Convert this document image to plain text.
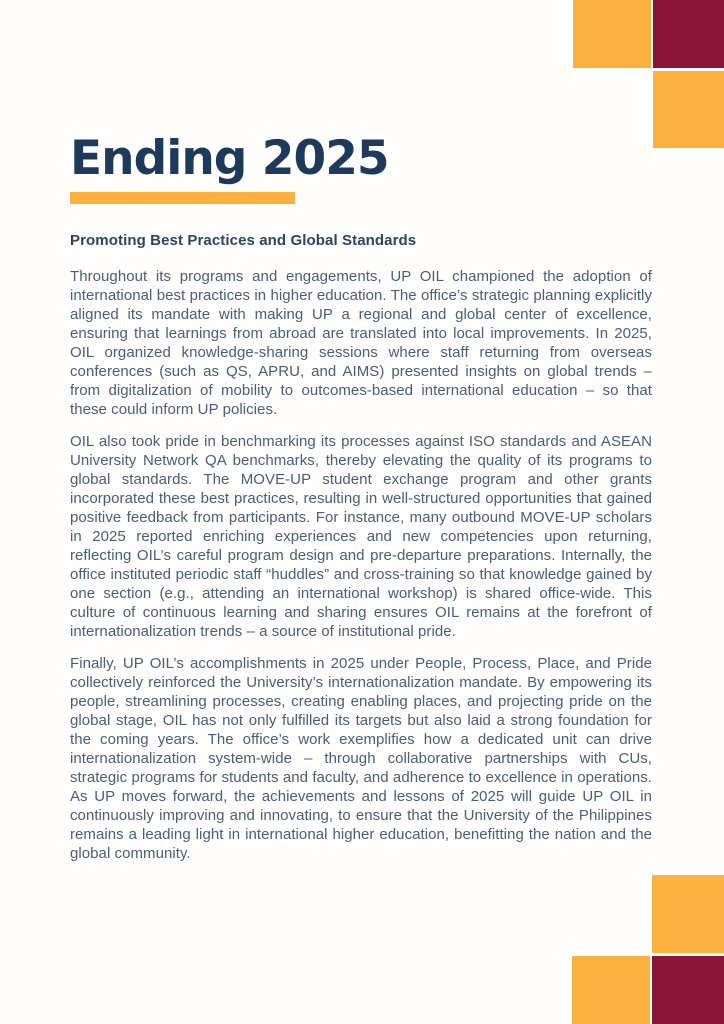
Ending 2025
Promoting Best Practices and Global Standards

Throughout its programs and engagements, UP OIL championed the adoption of international best practices in higher education. The office’s strategic planning explicitly aligned its mandate with making UP a regional and global center of excellence, ensuring that learnings from abroad are translated into local improvements. In 2025, OIL organized knowledge-sharing sessions where staff returning from overseas conferences (such as QS, APRU, and AIMS) presented insights on global trends – from digitalization of mobility to outcomes-based international education – so that these could inform UP policies.

OIL also took pride in benchmarking its processes against ISO standards and ASEAN University Network QA benchmarks, thereby elevating the quality of its programs to global standards. The MOVE-UP student exchange program and other grants incorporated these best practices, resulting in well-structured opportunities that gained positive feedback from participants. For instance, many outbound MOVE-UP scholars in 2025 reported enriching experiences and new competencies upon returning, reflecting OIL’s careful program design and pre-departure preparations. Internally, the office instituted periodic staff “huddles” and cross-training so that knowledge gained by one section (e.g., attending an international workshop) is shared office-wide. This culture of continuous learning and sharing ensures OIL remains at the forefront of internationalization trends – a source of institutional pride.

Finally, UP OIL’s accomplishments in 2025 under People, Process, Place, and Pride collectively reinforced the University’s internationalization mandate. By empowering its people, streamlining processes, creating enabling places, and projecting pride on the global stage, OIL has not only fulfilled its targets but also laid a strong foundation for the coming years. The office’s work exemplifies how a dedicated unit can drive internationalization system-wide – through collaborative partnerships with CUs, strategic programs for students and faculty, and adherence to excellence in operations. As UP moves forward, the achievements and lessons of 2025 will guide UP OIL in continuously improving and innovating, to ensure that the University of the Philippines remains a leading light in international higher education, benefitting the nation and the global community.
